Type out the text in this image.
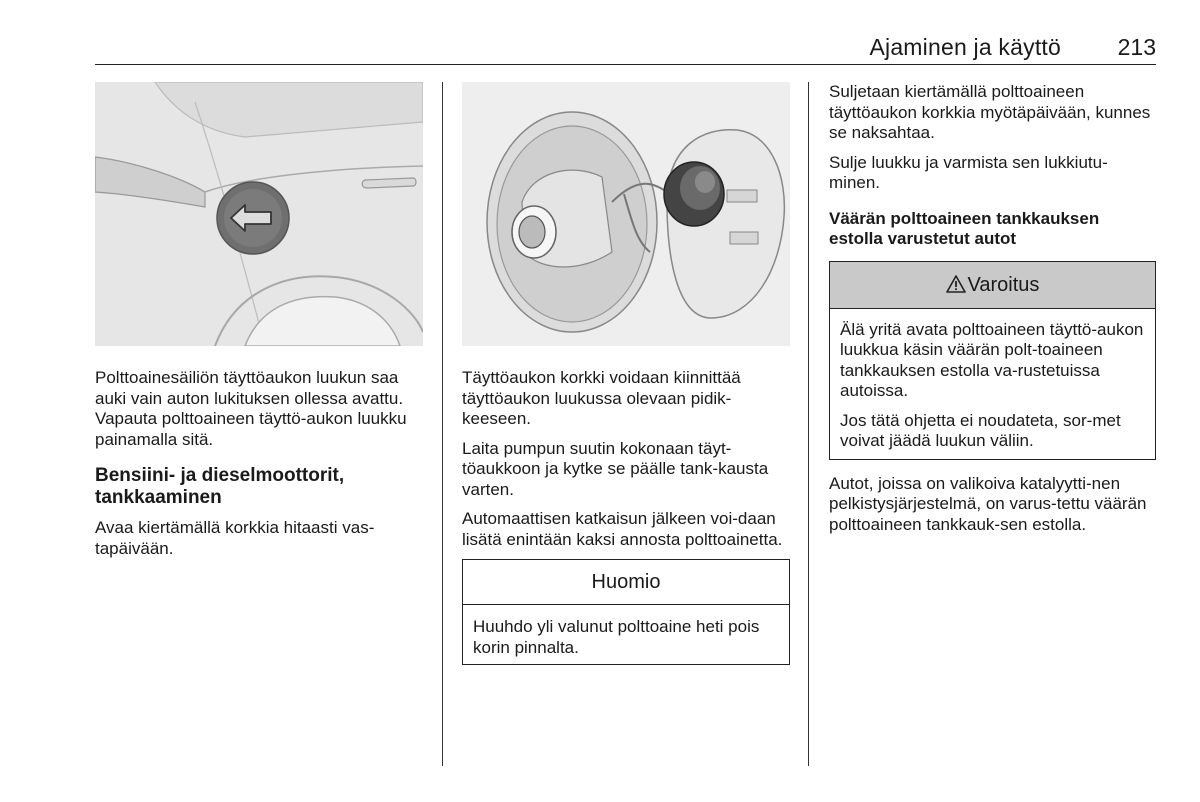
Ajaminen ja käyttö 213

Polttoainesäiliön täyttöaukon luukun saa auki vain auton lukituksen ollessa avattu. Vapauta polttoaineen täyttö-aukon luukku painamalla sitä.

Bensiini- ja dieselmoottorit, tankkaaminen

Avaa kiertämällä korkkia hitaasti vas-tapäivään.

Täyttöaukon korkki voidaan kiinnittää täyttöaukon luukussa olevaan pidik-keeseen.

Laita pumpun suutin kokonaan täyt-töaukkoon ja kytke se päälle tank-kausta varten.

Automaattisen katkaisun jälkeen voi-daan lisätä enintään kaksi annosta polttoainetta.

Huomio

Huuhdo yli valunut polttoaine heti pois korin pinnalta.

Suljetaan kiertämällä polttoaineen täyttöaukon korkkia myötäpäivään, kunnes se naksahtaa.

Sulje luukku ja varmista sen lukkiutu-minen.

Väärän polttoaineen tankkauksen estolla varustetut autot
Varoitus

Älä yritä avata polttoaineen täyttö-aukon luukkua käsin väärän polt-toaineen tankkauksen estolla va-rustetuissa autoissa.

Jos tätä ohjetta ei noudateta, sor-met voivat jäädä luukun väliin.

Autot, joissa on valikoiva katalyytti-nen pelkistysjärjestelmä, on varus-tettu väärän polttoaineen tankkauk-sen estolla.
